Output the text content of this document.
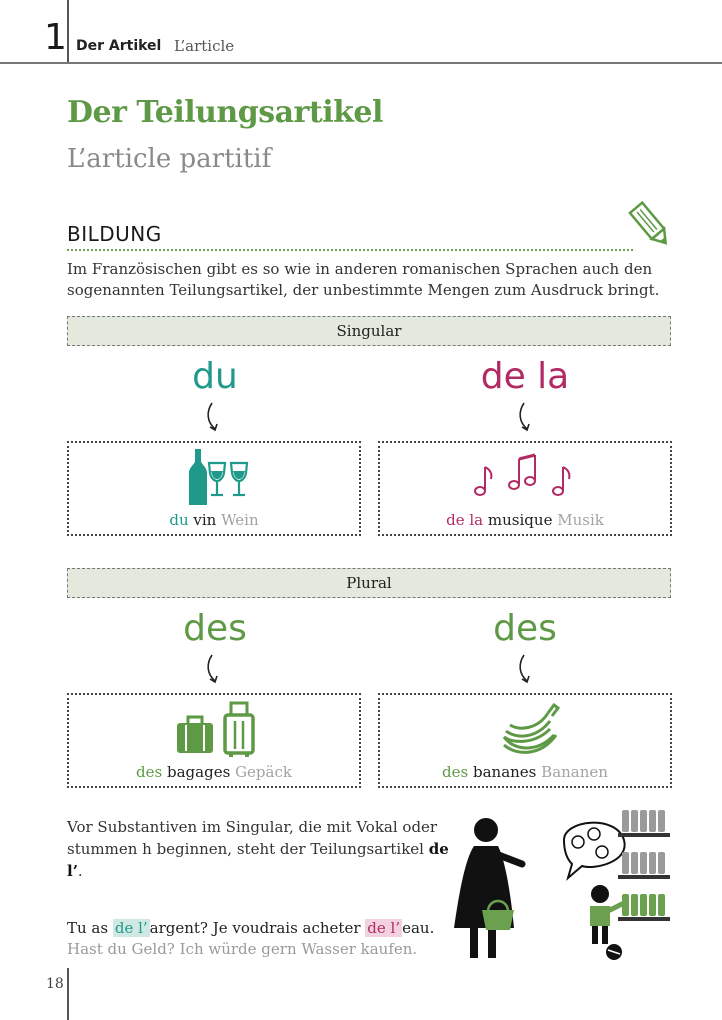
1 Der Artikel L’article
Der Teilungsartikel
L’article partitif
BILDUNG
Im Französischen gibt es so wie in anderen romanischen Sprachen auch den
sogenannten Teilungsartikel, der unbestimmte Mengen zum Ausdruck bringt.
Singular
du	de la
du vin Wein	de la musique Musik
Plural
des	des
des bagages Gepäck	des bananes Bananen
Vor Substantiven im Singular, die mit Vokal oder
stummen h beginnen, steht der Teilungsartikel de l’.
Tu as de l’ argent? Je voudrais acheter de l’ eau.
Hast du Geld? Ich würde gern Wasser kaufen.
18
